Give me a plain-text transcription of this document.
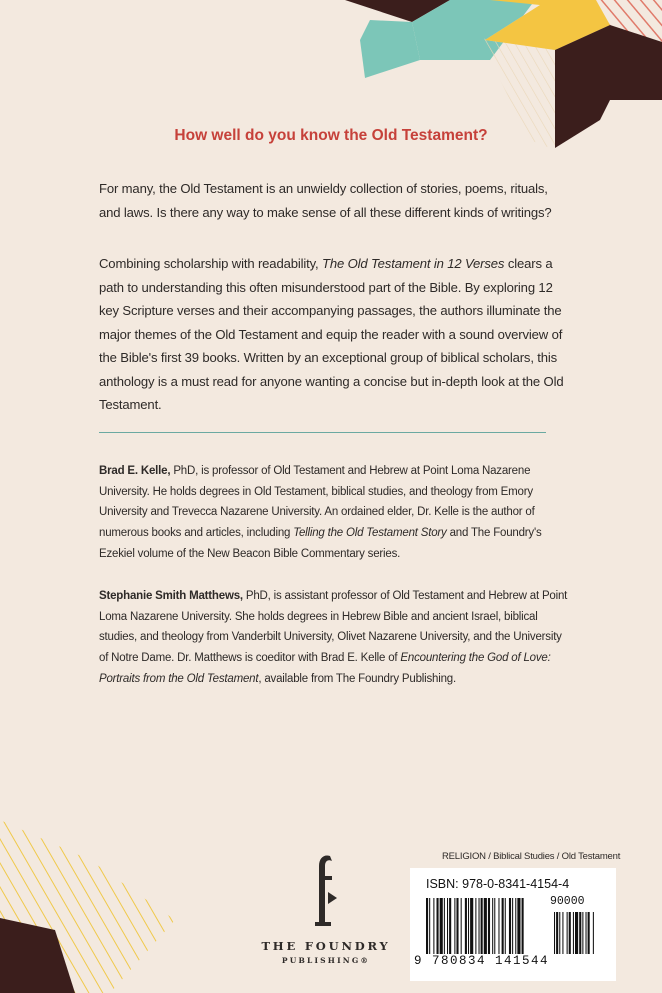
How well do you know the Old Testament?

For many, the Old Testament is an unwieldy collection of stories, poems, rituals, and laws. Is there any way to make sense of all these different kinds of writings?

Combining scholarship with readability, The Old Testament in 12 Verses clears a path to understanding this often misunderstood part of the Bible. By exploring 12 key Scripture verses and their accompanying passages, the authors illuminate the major themes of the Old Testament and equip the reader with a sound overview of the Bible's first 39 books. Written by an exceptional group of biblical scholars, this anthology is a must read for anyone wanting a concise but in-depth look at the Old Testament.

Brad E. Kelle, PhD, is professor of Old Testament and Hebrew at Point Loma Nazarene University. He holds degrees in Old Testament, biblical studies, and theology from Emory University and Trevecca Nazarene University. An ordained elder, Dr. Kelle is the author of numerous books and articles, including Telling the Old Testament Story and The Foundry's Ezekiel volume of the New Beacon Bible Commentary series.

Stephanie Smith Matthews, PhD, is assistant professor of Old Testament and Hebrew at Point Loma Nazarene University. She holds degrees in Hebrew Bible and ancient Israel, biblical studies, and theology from Vanderbilt University, Olivet Nazarene University, and the University of Notre Dame. Dr. Matthews is coeditor with Brad E. Kelle of Encountering the God of Love: Portraits from the Old Testament, available from The Foundry Publishing.

RELIGION / Biblical Studies / Old Testament
THE FOUNDRY
PUBLISHING®
ISBN: 978-0-8341-4154-4
90000
9 780834 141544
